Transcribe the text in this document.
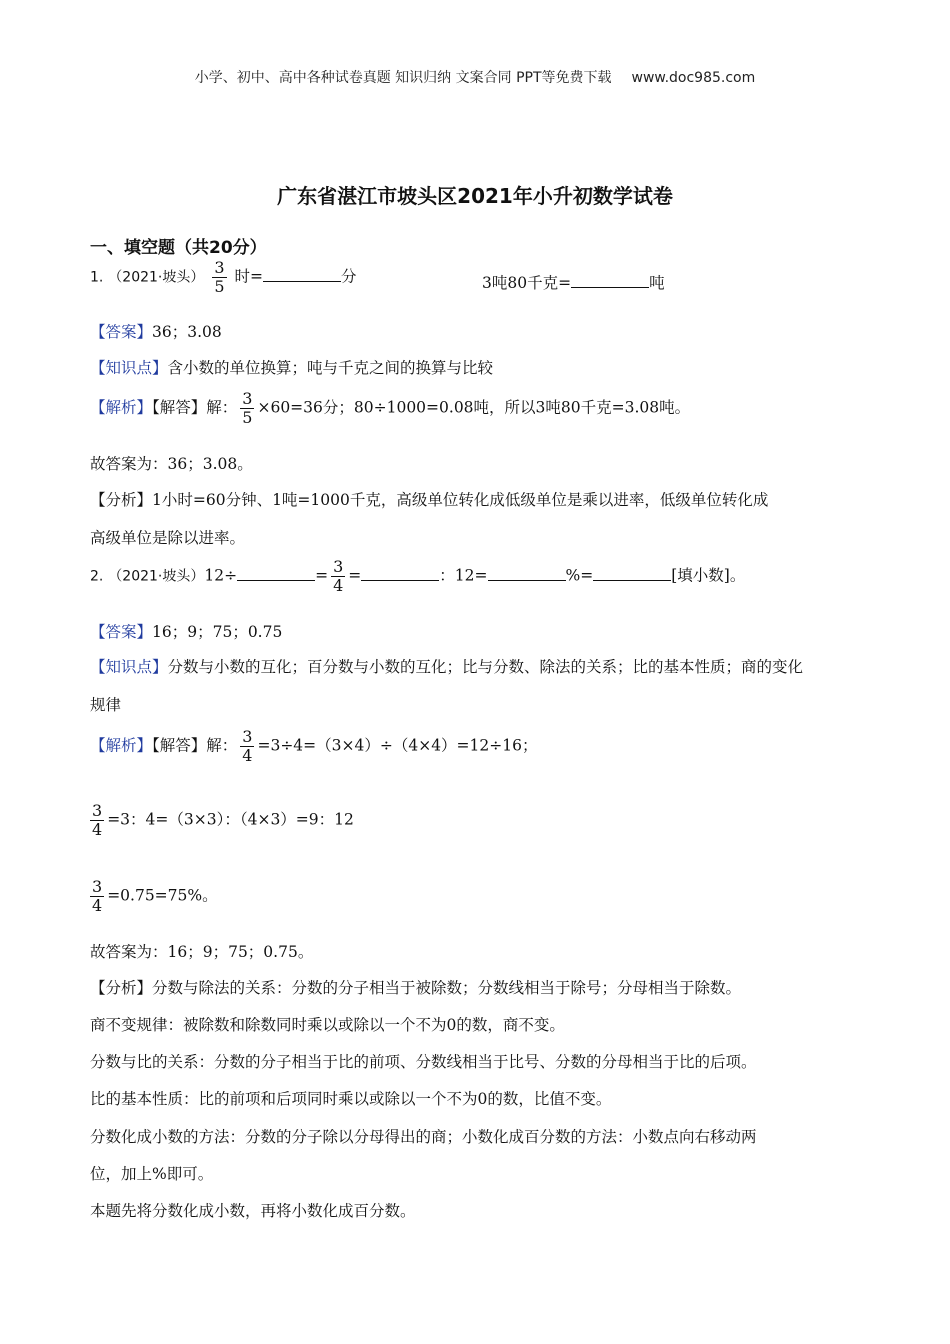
小学、初中、高中各种试卷真题 知识归纳 文案合同 PPT等免费下载 www.doc985.com
广东省湛江市坡头区2021年小升初数学试卷
一、填空题（共20分）
1. （2021·坡头） $\frac{3}{5}$ 时=	分	3吨80千克=	吨
【答案】36；3.08
【知识点】含小数的单位换算；吨与千克之间的换算与比较
【解析】【解答】解： $\frac{3}{5} \times 60=36$分；80÷1000=0.08吨，所以3吨80千克=3.08吨。
故答案为：36；3.08。
【分析】1小时=60分钟、1吨=1000千克，高级单位转化成低级单位是乘以进率，低级单位转化成
高级单位是除以进率。
2. （2021·坡头）12÷	= $\frac{3}{4}$ =	：12=	%=	[填小数]。
【答案】16；9；75；0.75
【知识点】分数与小数的互化；百分数与小数的互化；比与分数、除法的关系；比的基本性质；商的变化
规律
【解析】【解答】解： $\frac{3}{4} =3\div 4=(3\times 4)\div(4\times 4)=12\div 16$；
$\frac{3}{4} =3$：4=（3×3）：（4×3）=9：12
$\frac{3}{4} =0.75=75\%$。
故答案为：16；9；75；0.75。
【分析】分数与除法的关系：分数的分子相当于被除数；分数线相当于除号；分母相当于除数。
商不变规律：被除数和除数同时乘以或除以一个不为0的数，商不变。
分数与比的关系：分数的分子相当于比的前项、分数线相当于比号、分数的分母相当于比的后项。
比的基本性质：比的前项和后项同时乘以或除以一个不为0的数，比值不变。
分数化成小数的方法：分数的分子除以分母得出的商；小数化成百分数的方法：小数点向右移动两
位，加上%即可。
本题先将分数化成小数，再将小数化成百分数。
